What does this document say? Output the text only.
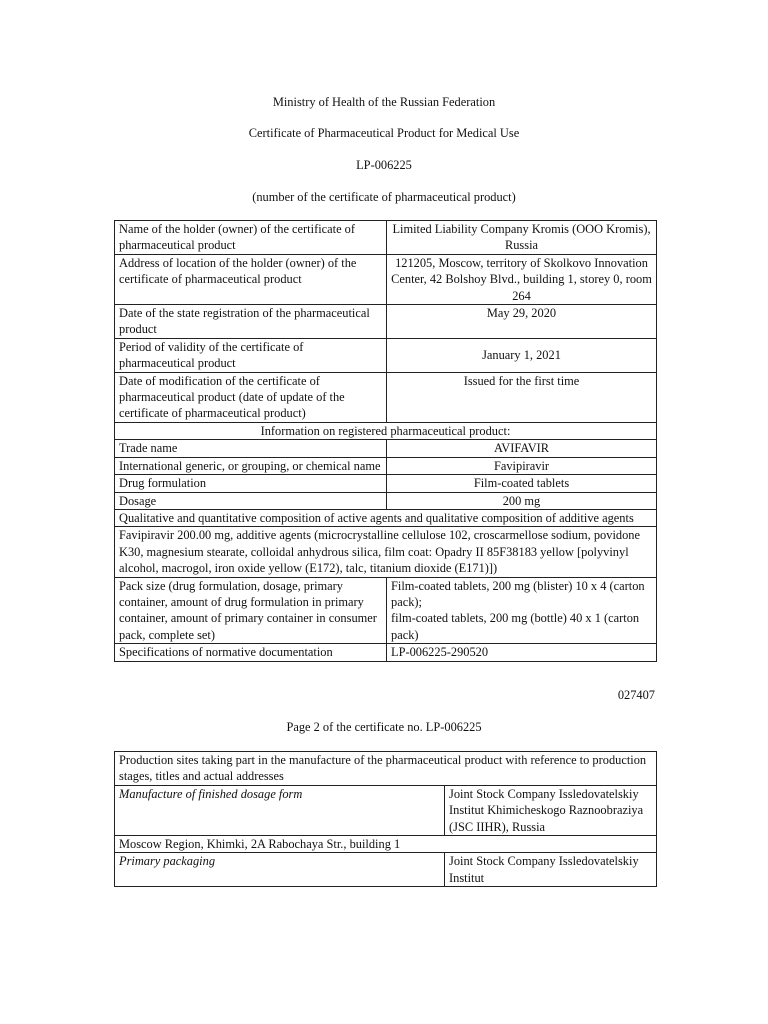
Ministry of Health of the Russian Federation
Certificate of Pharmaceutical Product for Medical Use
LP-006225
(number of the certificate of pharmaceutical product)
Name of the holder (owner) of the certificate of pharmaceutical product	Limited Liability Company Kromis (OOO Kromis), Russia
Address of location of the holder (owner) of the certificate of pharmaceutical product	121205, Moscow, territory of Skolkovo Innovation Center, 42 Bolshoy Blvd., building 1, storey 0, room 264
Date of the state registration of the pharmaceutical product	May 29, 2020
Period of validity of the certificate of pharmaceutical product	January 1, 2021
Date of modification of the certificate of pharmaceutical product (date of update of the certificate of pharmaceutical product)	Issued for the first time
Information on registered pharmaceutical product:	
Trade name	AVIFAVIR
International generic, or grouping, or chemical name	Favipiravir
Drug formulation	Film-coated tablets
Dosage	200 mg
Qualitative and quantitative composition of active agents and qualitative composition of additive agents	
Favipiravir 200.00 mg, additive agents (microcrystalline cellulose 102, croscarmellose sodium, povidone K30, magnesium stearate, colloidal anhydrous silica, film coat: Opadry II 85F38183 yellow [polyvinyl alcohol, macrogol, iron oxide yellow (E172), talc, titanium dioxide (E171)])	
Pack size (drug formulation, dosage, primary container, amount of drug formulation in primary container, amount of primary container in consumer pack, complete set)	Film-coated tablets, 200 mg (blister) 10 x 4 (carton pack);
film-coated tablets, 200 mg (bottle) 40 x 1 (carton pack)

Specifications of normative documentation	LP-006225-290520
027407
Page 2 of the certificate no. LP-006225
Production sites taking part in the manufacture of the pharmaceutical product with reference to production stages, titles and actual addresses	
Manufacture of finished dosage form	Joint Stock Company Issledovatelskiy Institut Khimicheskogo Raznoobraziya (JSC IIHR), Russia
Moscow Region, Khimki, 2A Rabochaya Str., building 1	
Primary packaging	Joint Stock Company Issledovatelskiy Institut
